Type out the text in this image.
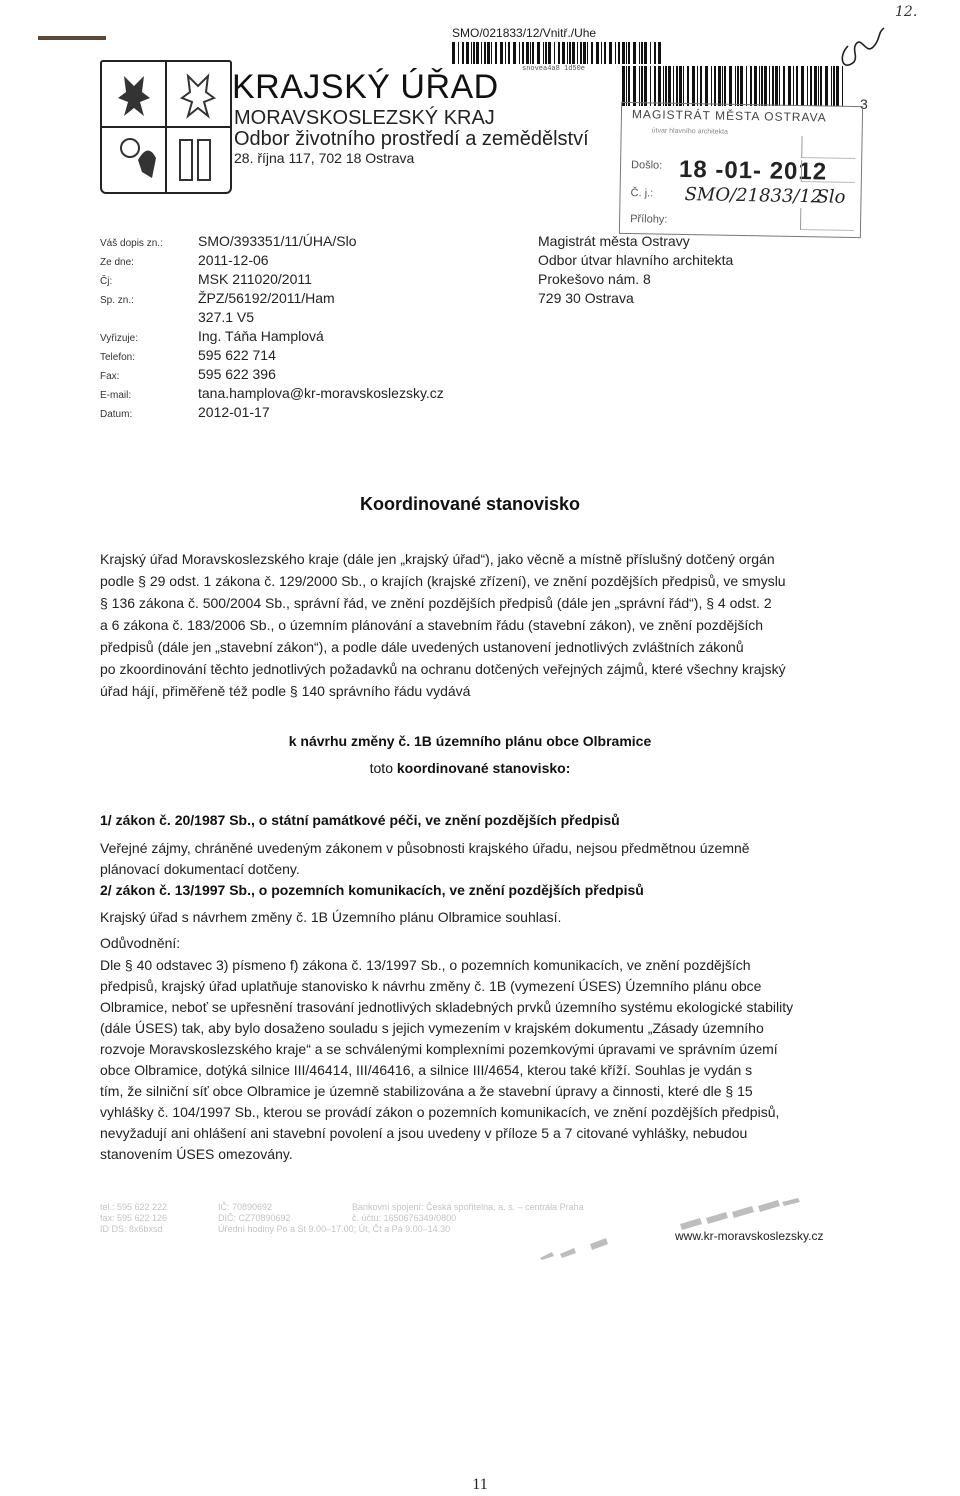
KRAJSKÝ ÚŘAD
MORAVSKOSLEZSKÝ KRAJ
Odbor životního prostředí a zemědělství
28. října 117, 702 18 Ostrava
SMO/021833/12/Vnitř./Uhe
snovea4a8 1d50e
12.
3
MAGISTRÁT MĚSTA OSTRAVA
útvar hlavního architekta
Došlo: 18 -01- 2012
Č. j.: SMO/21833/12
Slo
Přílohy:
Váš dopis zn.:	SMO/393351/11/ÚHA/Slo
Ze dne:	2011-12-06
Čj:	MSK 211020/2011
Sp. zn.:	ŽPZ/56192/2011/Ham
327.1 V5
Vyřizuje:	Ing. Táňa Hamplová
Telefon:	595 622 714
Fax:	595 622 396
E-mail:	tana.hamplova@kr-moravskoslezsky.cz
Datum:	2012-01-17
Magistrát města Ostravy
Odbor útvar hlavního architekta
Prokešovo nám. 8
729 30 Ostrava
Koordinované stanovisko
Krajský úřad Moravskoslezského kraje (dále jen „krajský úřad“), jako věcně a místně příslušný dotčený orgán
podle § 29 odst. 1 zákona č. 129/2000 Sb., o krajích (krajské zřízení), ve znění pozdějších předpisů, ve smyslu
§ 136 zákona č. 500/2004 Sb., správní řád, ve znění pozdějších předpisů (dále jen „správní řád“), § 4 odst. 2
a 6 zákona č. 183/2006 Sb., o územním plánování a stavebním řádu (stavební zákon), ve znění pozdějších
předpisů (dále jen „stavební zákon“), a podle dále uvedených ustanovení jednotlivých zvláštních zákonů
po zkoordinování těchto jednotlivých požadavků na ochranu dotčených veřejných zájmů, které všechny krajský
úřad hájí, přiměřeně též podle § 140 správního řádu vydává
k návrhu změny č. 1B územního plánu obce Olbramice
toto koordinované stanovisko:
1/ zákon č. 20/1987 Sb., o státní památkové péči, ve znění pozdějších předpisů
Veřejné zájmy, chráněné uvedeným zákonem v působnosti krajského úřadu, nejsou předmětnou územně
plánovací dokumentací dotčeny.
2/ zákon č. 13/1997 Sb., o pozemních komunikacích, ve znění pozdějších předpisů
Krajský úřad s návrhem změny č. 1B Územního plánu Olbramice souhlasí.
Odůvodnění:
Dle § 40 odstavec 3) písmeno f) zákona č. 13/1997 Sb., o pozemních komunikacích, ve znění pozdějších
předpisů, krajský úřad uplatňuje stanovisko k návrhu změny č. 1B (vymezení ÚSES) Územního plánu obce
Olbramice, neboť se upřesnění trasování jednotlivých skladebných prvků územního systému ekologické stability
(dále ÚSES) tak, aby bylo dosaženo souladu s jejich vymezením v krajském dokumentu „Zásady územního
rozvoje Moravskoslezského kraje“ a se schválenými komplexními pozemkovými úpravami ve správním území
obce Olbramice, dotýká silnice III/46414, III/46416, a silnice III/4654, kterou také kříží. Souhlas je vydán s
tím, že silniční síť obce Olbramice je územně stabilizována a že stavební úpravy a činnosti, které dle § 15
vyhlášky č. 104/1997 Sb., kterou se provádí zákon o pozemních komunikacích, ve znění pozdějších předpisů,
nevyžadují ani ohlášení ani stavební povolení a jsou uvedeny v příloze 5 a 7 citované vyhlášky, nebudou
stanovením ÚSES omezovány.
tel.: 595 622 222
fax: 595 622 126
ID DS: 8x6bxsd
IČ: 70890692
DIČ: CZ70890692
Úřední hodiny Po a St 9.00–17.00; Út, Čt a Pá 9.00–14.30
Bankovní spojení: Česká spořitelna, a. s. – centrála Praha
č. účtu: 1650676349/0800
www.kr-moravskoslezsky.cz
11
